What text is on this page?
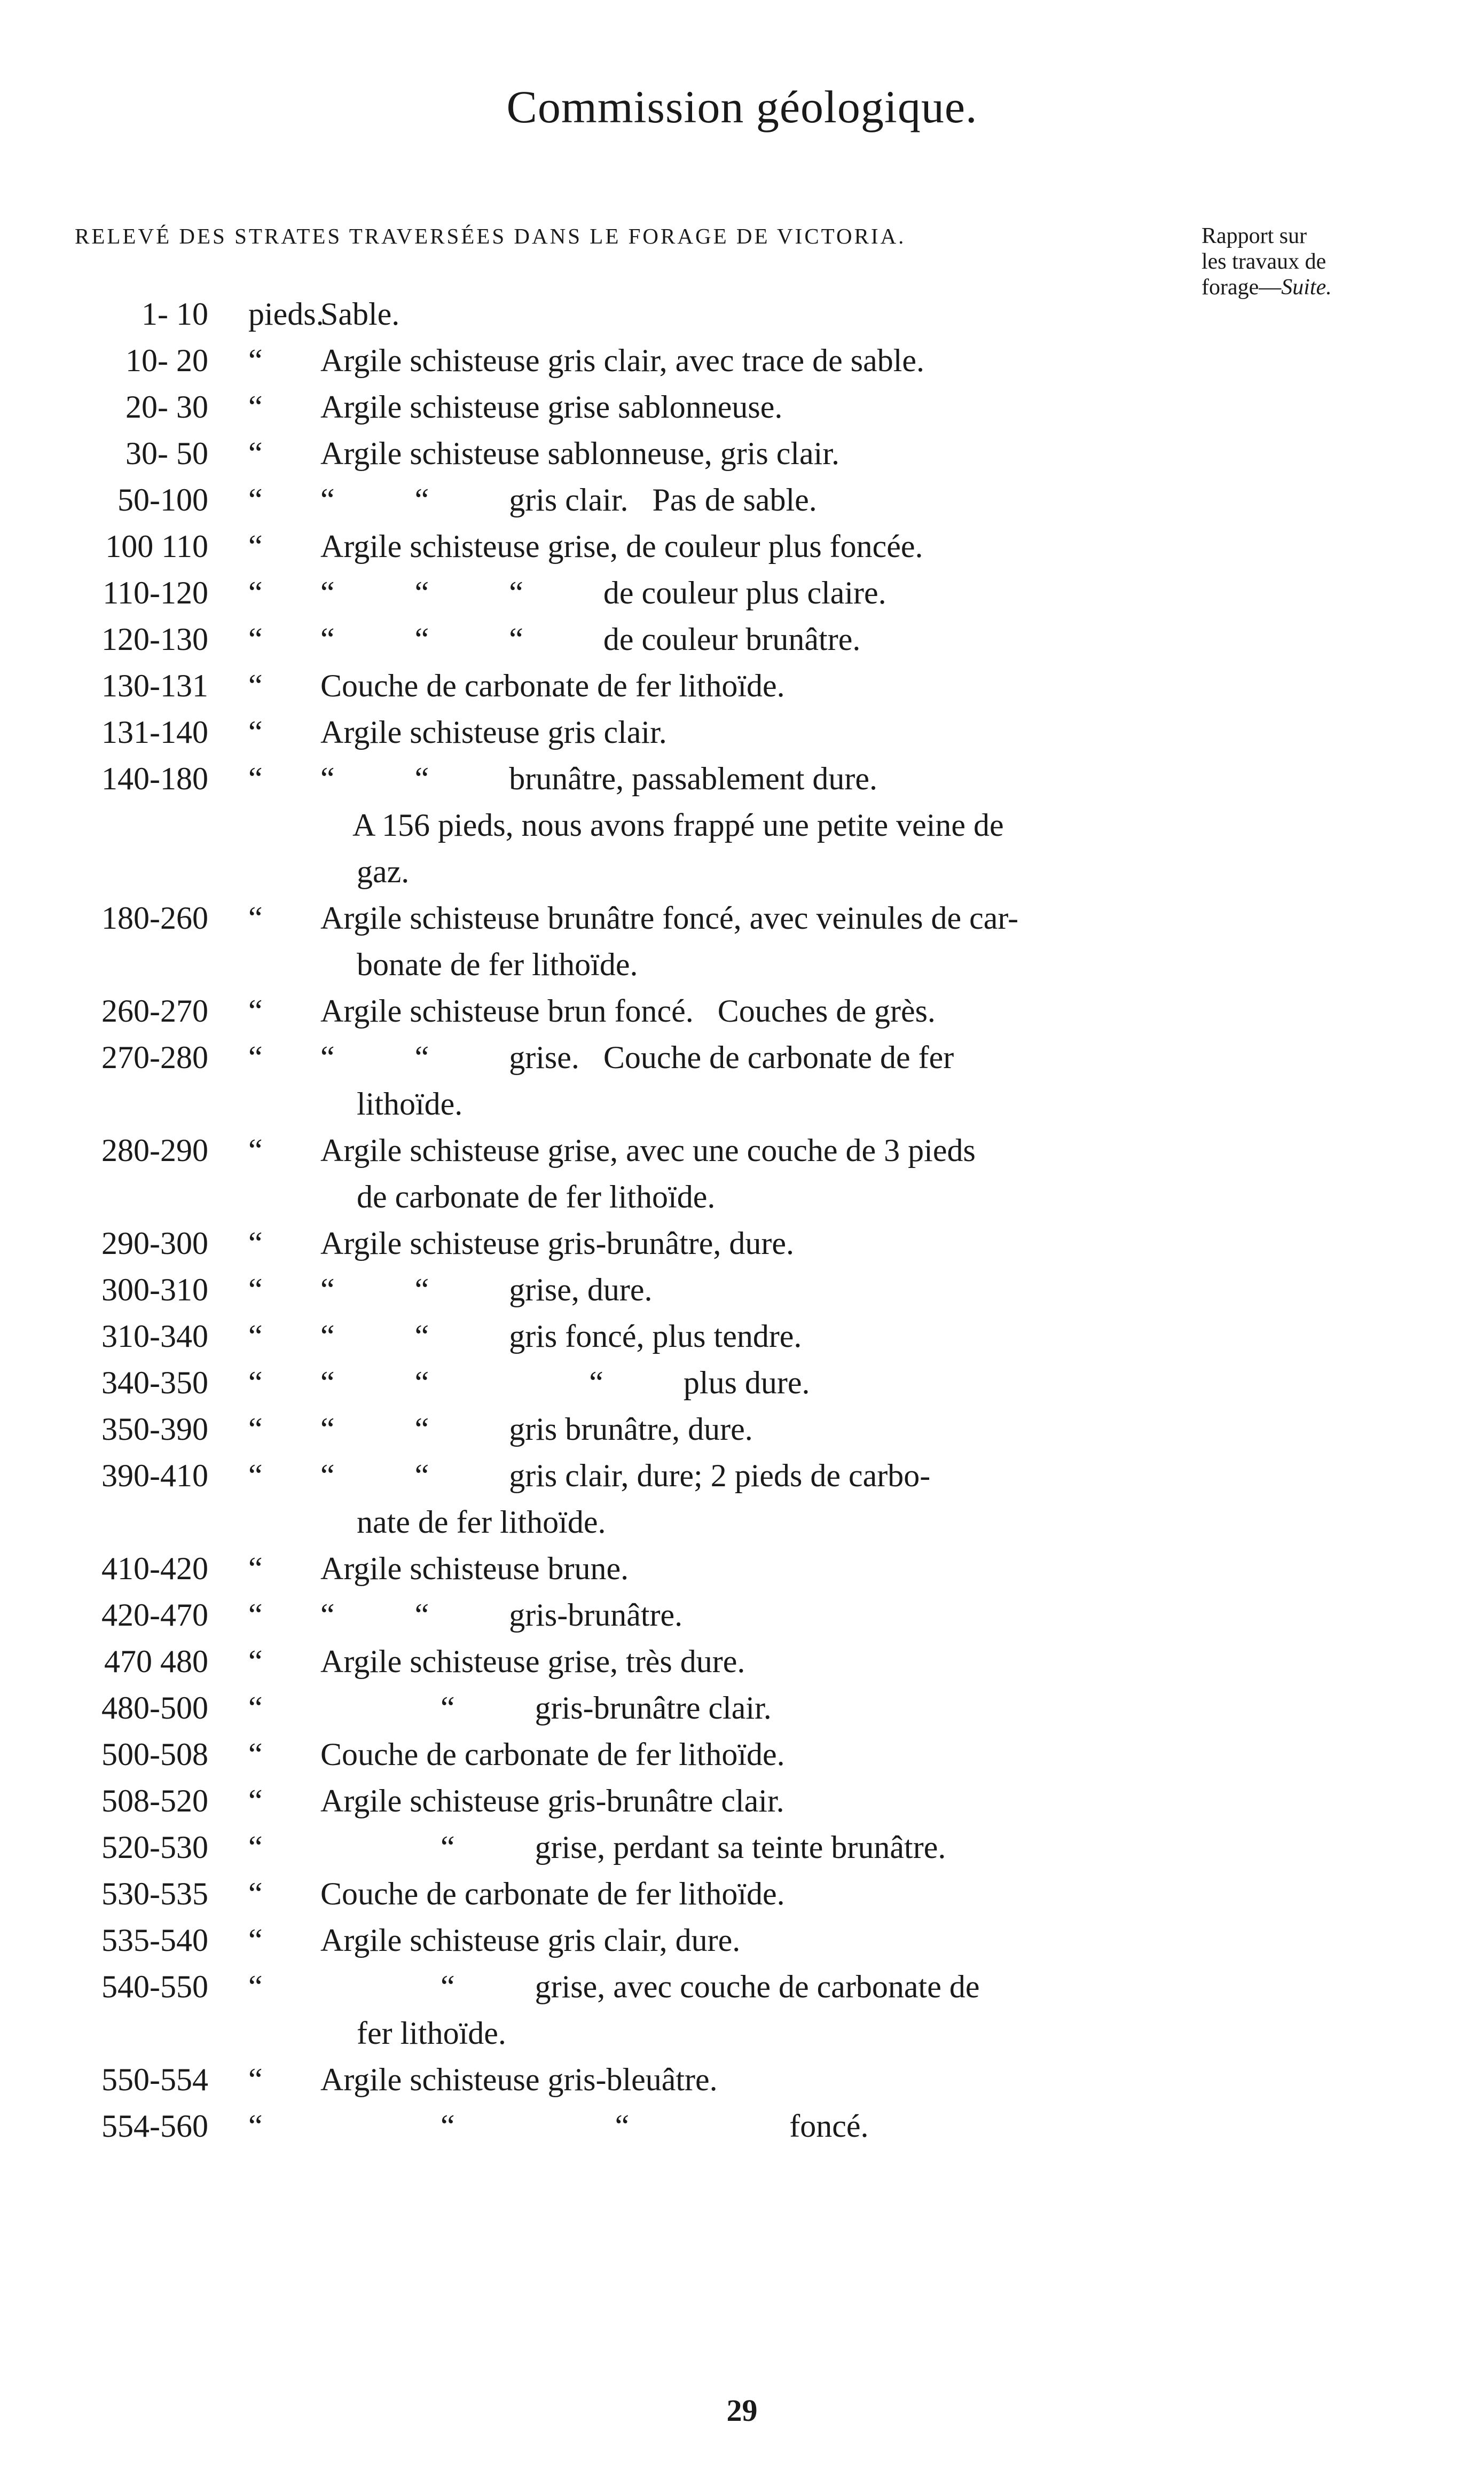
Commission géologique.
RELEVÉ DES STRATES TRAVERSÉES DANS LE FORAGE DE VICTORIA.	Rapport sur
les travaux de
forage—Suite.
1- 10 pieds.
Sable.
10- 20 “ Argile schisteuse gris clair, avec trace de sable.
20- 30 “ Argile schisteuse grise sablonneuse.
30- 50 “ Argile schisteuse sablonneuse, gris clair.
50-100 “ “          “          gris clair.   Pas de sable.
100 110 “ Argile schisteuse grise, de couleur plus foncée.
110-120 “ “          “          “          de couleur plus claire.
120-130 “ “          “          “          de couleur brunâtre.
130-131 “ Couche de carbonate de fer lithoïde.
131-140 “ Argile schisteuse gris clair.
140-180 “ “          “          brunâtre, passablement dure.
A 156 pieds, nous avons frappé une petite veine de
gaz.
180-260 “ Argile schisteuse brunâtre foncé, avec veinules de car-
bonate de fer lithoïde.
260-270 “ Argile schisteuse brun foncé.   Couches de grès.
270-280 “ “          “          grise.   Couche de carbonate de fer
lithoïde.
280-290 “ Argile schisteuse grise, avec une couche de 3 pieds
de carbonate de fer lithoïde.
290-300 “ Argile schisteuse gris-brunâtre, dure.
300-310 “ “          “          grise, dure.
310-340 “ “          “          gris foncé, plus tendre.
340-350 “ “          “                    “          plus dure.
350-390 “ “          “          gris brunâtre, dure.
390-410 “ “          “          gris clair, dure; 2 pieds de carbo-
nate de fer lithoïde.
410-420 “ Argile schisteuse brune.
420-470 “ “          “          gris-brunâtre.
470 480 “ Argile schisteuse grise, très dure.
480-500 “ “          gris-brunâtre clair.
500-508 “ Couche de carbonate de fer lithoïde.
508-520 “ Argile schisteuse gris-brunâtre clair.
520-530 “ “          grise, perdant sa teinte brunâtre.
530-535 “ Couche de carbonate de fer lithoïde.
535-540 “ Argile schisteuse gris clair, dure.
540-550 “ “          grise, avec couche de carbonate de
fer lithoïde.
550-554 “ Argile schisteuse gris-bleuâtre.
554-560 “ “                    “                    foncé.
29
